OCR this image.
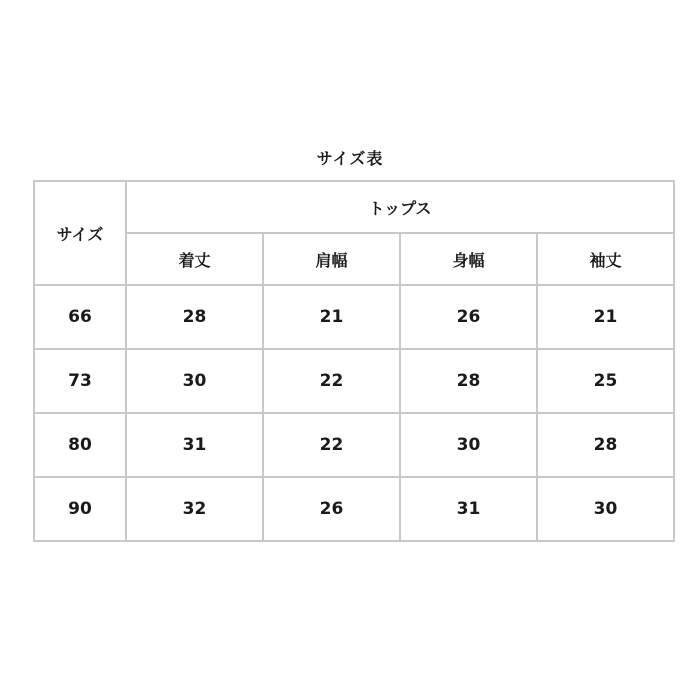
サイズ表
サイズ	トップス			
	着丈	肩幅	身幅	袖丈
66	28	21	26	21
73	30	22	28	25
80	31	22	30	28
90	32	26	31	30
